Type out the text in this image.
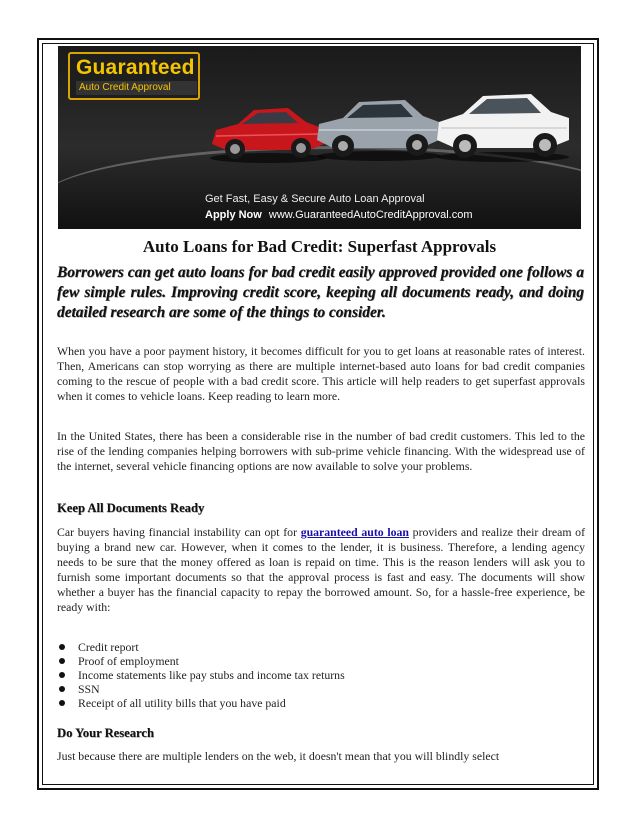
Guaranteed
Auto Credit Approval
Get Fast, Easy & Secure Auto Loan Approval
Apply Now www.GuaranteedAutoCreditApproval.com
Auto Loans for Bad Credit: Superfast Approvals
Borrowers can get auto loans for bad credit easily approved provided one follows a few simple rules. Improving credit score, keeping all documents ready, and doing detailed research are some of the things to consider.
When you have a poor payment history, it becomes difficult for you to get loans at reasonable rates of interest. Then, Americans can stop worrying as there are multiple internet-based auto loans for bad credit companies coming to the rescue of people with a bad credit score. This article will help readers to get superfast approvals when it comes to vehicle loans. Keep reading to learn more.
In the United States, there has been a considerable rise in the number of bad credit customers. This led to the rise of the lending companies helping borrowers with sub-prime vehicle financing. With the widespread use of the internet, several vehicle financing options are now available to solve your problems.
Keep All Documents Ready
Car buyers having financial instability can opt for guaranteed auto loan providers and realize their dream of buying a brand new car. However, when it comes to the lender, it is business. Therefore, a lending agency needs to be sure that the money offered as loan is repaid on time. This is the reason lenders will ask you to furnish some important documents so that the approval process is fast and easy. The documents will show whether a buyer has the financial capacity to repay the borrowed amount. So, for a hassle-free experience, be ready with:
Credit report
Proof of employment
Income statements like pay stubs and income tax returns
SSN
Receipt of all utility bills that you have paid
Do Your Research
Just because there are multiple lenders on the web, it doesn't mean that you will blindly select
